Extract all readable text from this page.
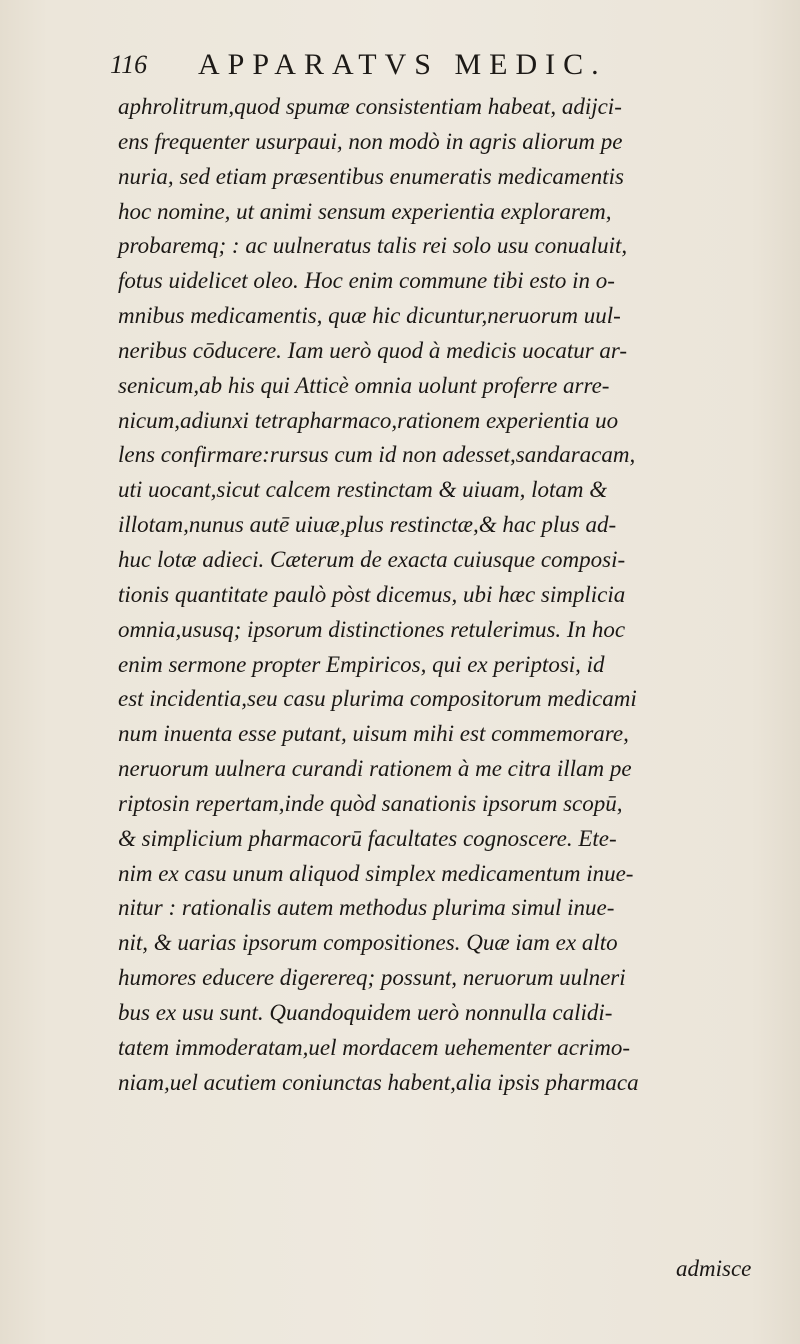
116 APPARATVS MEDIC.
aphrolitrum,quod spumæ consistentiam habeat, adijci-
ens frequenter usurpaui, non modò in agris aliorum pe
nuria, sed etiam præsentibus enumeratis medicamentis
hoc nomine, ut animi sensum experientia explorarem,
probaremq; : ac uulneratus talis rei solo usu conualuit,
fotus uidelicet oleo. Hoc enim commune tibi esto in o-
mnibus medicamentis, quæ hic dicuntur,neruorum uul-
neribus cōducere. Iam uerò quod à medicis uocatur ar-
senicum,ab his qui Atticè omnia uolunt proferre arre-
nicum,adiunxi tetrapharmaco,rationem experientia uo
lens confirmare:rursus cum id non adesset,sandaracam,
uti uocant,sicut calcem restinctam & uiuam, lotam &
illotam,nunus autē uiuæ,plus restinctæ,& hac plus ad-
huc lotæ adieci. Cæterum de exacta cuiusque composi-
tionis quantitate paulò pòst dicemus, ubi hæc simplicia
omnia,ususq; ipsorum distinctiones retulerimus. In hoc
enim sermone propter Empiricos, qui ex periptosi, id
est incidentia,seu casu plurima compositorum medicami
num inuenta esse putant, uisum mihi est commemorare,
neruorum uulnera curandi rationem à me citra illam pe
riptosin repertam,inde quòd sanationis ipsorum scopū,
& simplicium pharmacorū facultates cognoscere. Ete-
nim ex casu unum aliquod simplex medicamentum inue-
nitur : rationalis autem methodus plurima simul inue-
nit, & uarias ipsorum compositiones. Quæ iam ex alto
humores educere digerereq; possunt, neruorum uulneri
bus ex usu sunt. Quandoquidem uerò nonnulla calidi-
tatem immoderatam,uel mordacem uehementer acrimo-
niam,uel acutiem coniunctas habent,alia ipsis pharmaca
admisce
